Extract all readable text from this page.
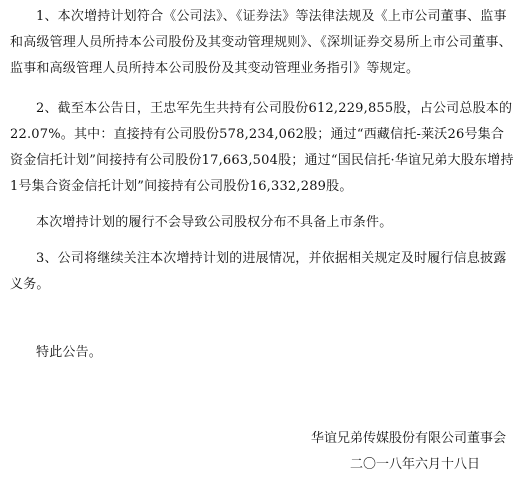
1、本次增持计划符合《公司法》、《证券法》等法律法规及《上市公司董事、监事和高级管理人员所持本公司股份及其变动管理规则》、《深圳证券交易所上市公司董事、监事和高级管理人员所持本公司股份及其变动管理业务指引》等规定。

2、截至本公告日，王忠军先生共持有公司股份612,229,855股，占公司总股本的22.07%。其中：直接持有公司股份578,234,062股；通过“西藏信托-莱沃26号集合资金信托计划”间接持有公司股份17,663,504股；通过“国民信托·华谊兄弟大股东增持1号集合资金信托计划”间接持有公司股份16,332,289股。

本次增持计划的履行不会导致公司股权分布不具备上市条件。

3、公司将继续关注本次增持计划的进展情况，并依据相关规定及时履行信息披露义务。

特此公告。

华谊兄弟传媒股份有限公司董事会

二〇一八年六月十八日
